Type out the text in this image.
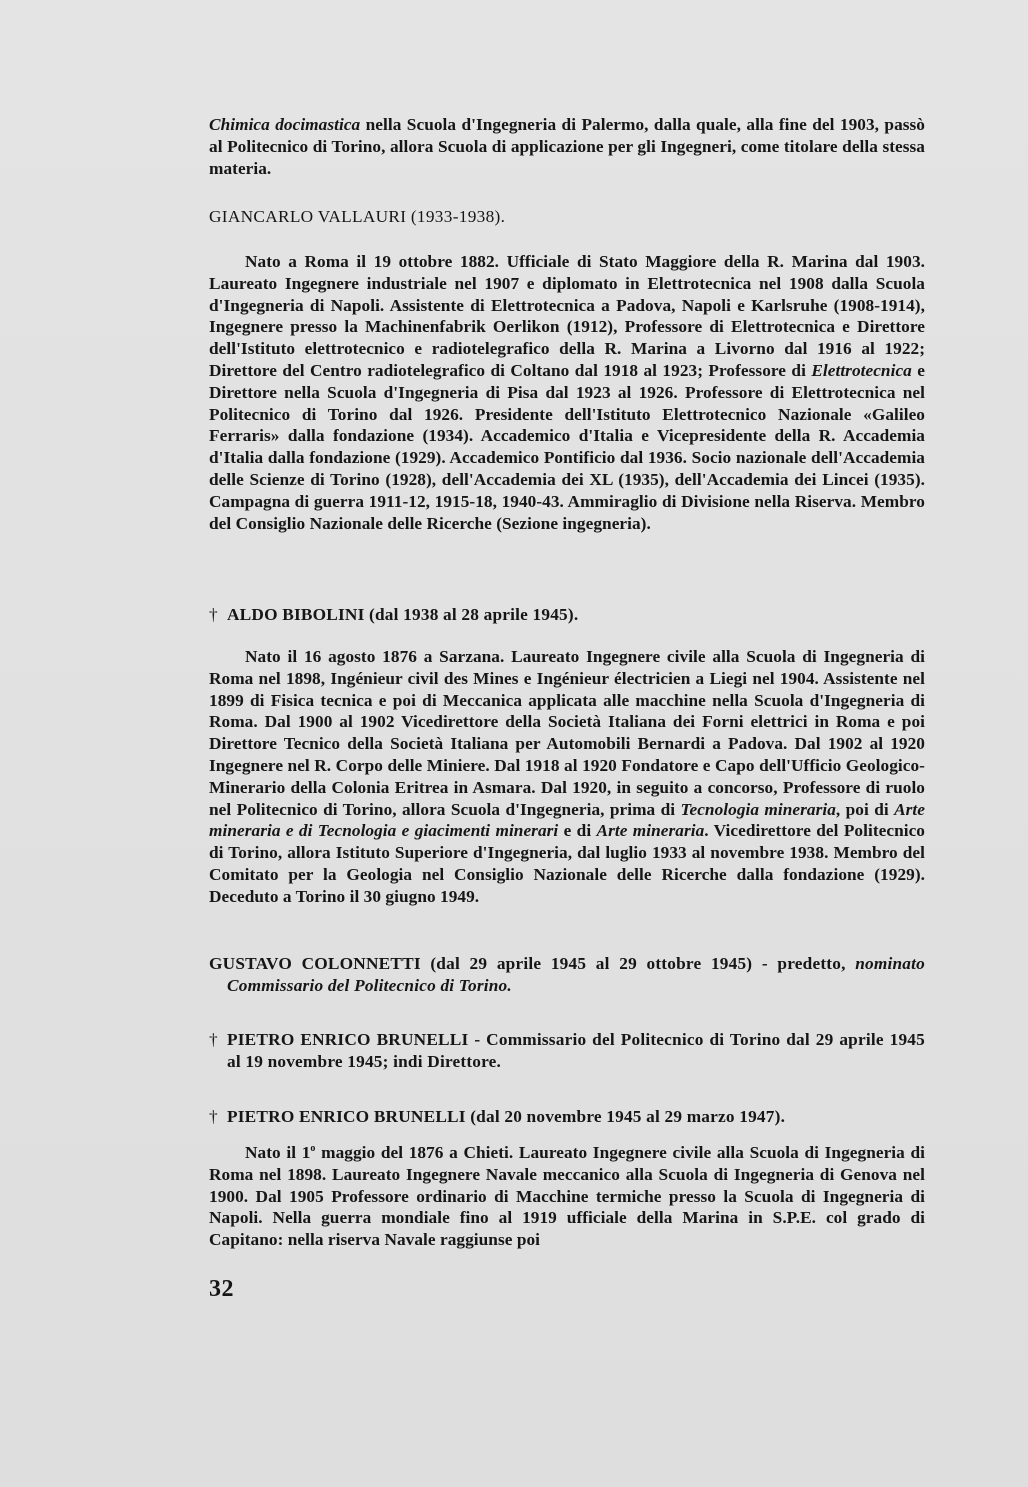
Chimica docimastica nella Scuola d'Ingegneria di Palermo, dalla quale, alla fine del 1903, passò al Politecnico di Torino, allora Scuola di applicazione per gli Ingegneri, come titolare della stessa materia.

GIANCARLO VALLAURI (1933-1938).

Nato a Roma il 19 ottobre 1882. Ufficiale di Stato Maggiore della R. Marina dal 1903. Laureato Ingegnere industriale nel 1907 e diplomato in Elettrotecnica nel 1908 dalla Scuola d'Ingegneria di Napoli. Assistente di Elettrotecnica a Padova, Napoli e Karlsruhe (1908-1914), Ingegnere presso la Machinenfabrik Oerlikon (1912), Professore di Elettrotecnica e Direttore dell'Istituto elettrotecnico e radiotelegrafico della R. Marina a Livorno dal 1916 al 1922; Direttore del Centro radiotelegrafico di Coltano dal 1918 al 1923; Professore di Elettrotecnica e Direttore nella Scuola d'Ingegneria di Pisa dal 1923 al 1926. Professore di Elettrotecnica nel Politecnico di Torino dal 1926. Presidente dell'Istituto Elettrotecnico Nazionale «Galileo Ferraris» dalla fondazione (1934). Accademico d'Italia e Vicepresidente della R. Accademia d'Italia dalla fondazione (1929). Accademico Pontificio dal 1936. Socio nazionale dell'Accademia delle Scienze di Torino (1928), dell'Accademia dei XL (1935), dell'Accademia dei Lincei (1935). Campagna di guerra 1911-12, 1915-18, 1940-43. Ammiraglio di Divisione nella Riserva. Membro del Consiglio Nazionale delle Ricerche (Sezione ingegneria).

† ALDO BIBOLINI (dal 1938 al 28 aprile 1945).

Nato il 16 agosto 1876 a Sarzana. Laureato Ingegnere civile alla Scuola di Ingegneria di Roma nel 1898, Ingénieur civil des Mines e Ingénieur électricien a Liegi nel 1904. Assistente nel 1899 di Fisica tecnica e poi di Meccanica applicata alle macchine nella Scuola d'Ingegneria di Roma. Dal 1900 al 1902 Vicedirettore della Società Italiana dei Forni elettrici in Roma e poi Direttore Tecnico della Società Italiana per Automobili Bernardi a Padova. Dal 1902 al 1920 Ingegnere nel R. Corpo delle Miniere. Dal 1918 al 1920 Fondatore e Capo dell'Ufficio Geologico-Minerario della Colonia Eritrea in Asmara. Dal 1920, in seguito a concorso, Professore di ruolo nel Politecnico di Torino, allora Scuola d'Ingegneria, prima di Tecnologia mineraria, poi di Arte mineraria e di Tecnologia e giacimenti minerari e di Arte mineraria. Vicedirettore del Politecnico di Torino, allora Istituto Superiore d'Ingegneria, dal luglio 1933 al novembre 1938. Membro del Comitato per la Geologia nel Consiglio Nazionale delle Ricerche dalla fondazione (1929). Deceduto a Torino il 30 giugno 1949.

GUSTAVO COLONNETTI (dal 29 aprile 1945 al 29 ottobre 1945) - predetto, nominato Commissario del Politecnico di Torino.

† PIETRO ENRICO BRUNELLI - Commissario del Politecnico di Torino dal 29 aprile 1945 al 19 novembre 1945; indi Direttore.

† PIETRO ENRICO BRUNELLI (dal 20 novembre 1945 al 29 marzo 1947).

Nato il 1$^o$ maggio del 1876 a Chieti. Laureato Ingegnere civile alla Scuola di Ingegneria di Roma nel 1898. Laureato Ingegnere Navale meccanico alla Scuola di Ingegneria di Genova nel 1900. Dal 1905 Professore ordinario di Macchine termiche presso la Scuola di Ingegneria di Napoli. Nella guerra mondiale fino al 1919 ufficiale della Marina in S.P.E. col grado di Capitano: nella riserva Navale raggiunse poi

32
